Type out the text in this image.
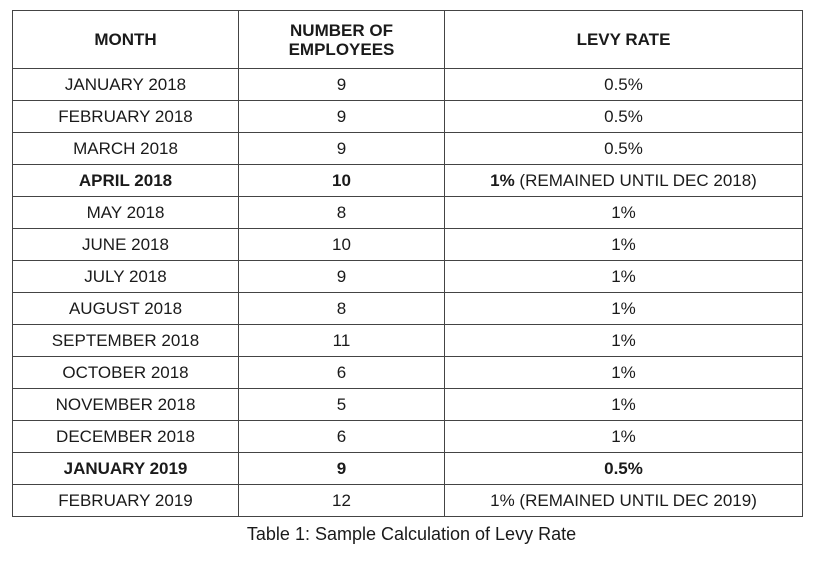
MONTH	NUMBER OF EMPLOYEES	LEVY RATE
JANUARY 2018	9	0.5%
FEBRUARY 2018	9	0.5%
MARCH 2018	9	0.5%
APRIL 2018	10	1% (REMAINED UNTIL DEC 2018)
MAY 2018	8	1%
JUNE 2018	10	1%
JULY 2018	9	1%
AUGUST 2018	8	1%
SEPTEMBER 2018	11	1%
OCTOBER 2018	6	1%
NOVEMBER 2018	5	1%
DECEMBER 2018	6	1%
JANUARY 2019	9	0.5%
FEBRUARY 2019	12	1% (REMAINED UNTIL DEC 2019)
Table 1: Sample Calculation of Levy Rate
